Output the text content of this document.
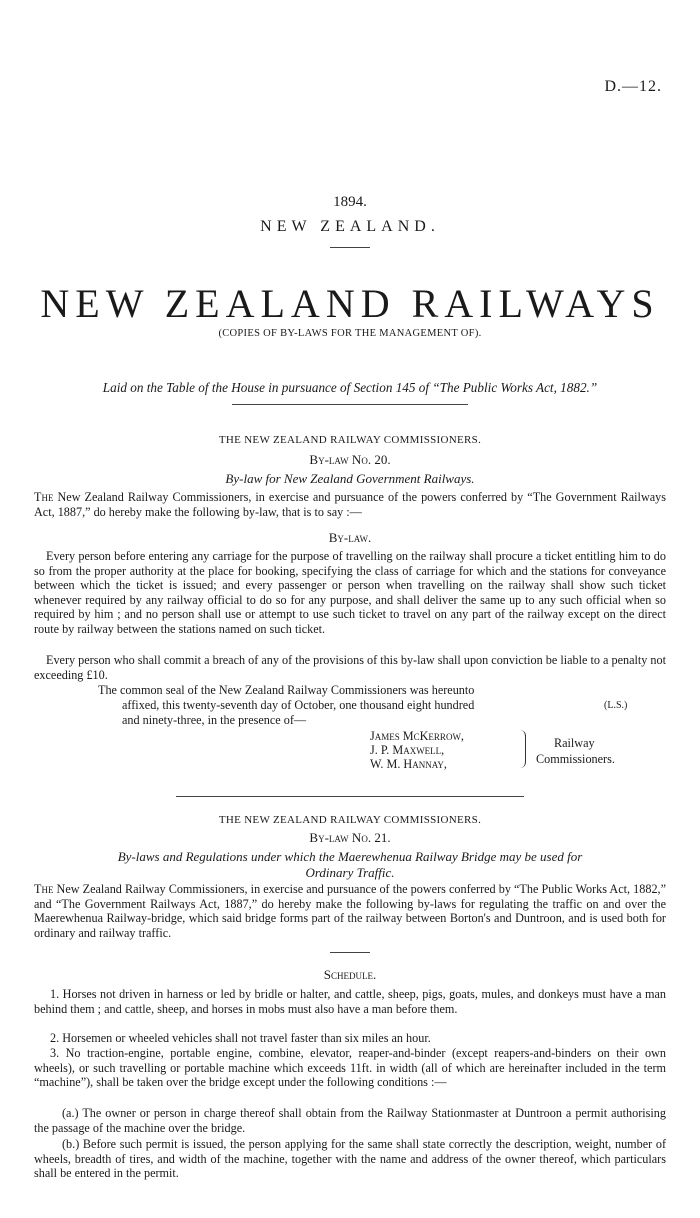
D.—12.
1894.
NEW ZEALAND.
NEW ZEALAND RAILWAYS
(COPIES OF BY-LAWS FOR THE MANAGEMENT OF).
Laid on the Table of the House in pursuance of Section 145 of “The Public Works Act, 1882.”
THE NEW ZEALAND RAILWAY COMMISSIONERS.
By-law No. 20.
By-law for New Zealand Government Railways.

The New Zealand Railway Commissioners, in exercise and pursuance of the powers conferred by “The Government Railways Act, 1887,” do hereby make the following by-law, that is to say :—

By-law.

Every person before entering any carriage for the purpose of travelling on the railway shall procure a ticket entitling him to do so from the proper authority at the place for booking, specifying the class of carriage for which and the stations for conveyance between which the ticket is issued; and every passenger or person when travelling on the railway shall show such ticket whenever required by any railway official to do so for any purpose, and shall deliver the same up to any such official when so required by him ; and no person shall use or attempt to use such ticket to travel on any part of the railway except on the direct route by railway between the stations named on such ticket.

Every person who shall commit a breach of any of the provisions of this by-law shall upon conviction be liable to a penalty not exceeding £10.

The common seal of the New Zealand Railway Commissioners was hereunto
affixed, this twenty-seventh day of October, one thousand eight hundred
and ninety-three, in the presence of—
(L.S.)
James McKerrow,
J. P. Maxwell,
W. M. Hannay,
Railway
Commissioners.
THE NEW ZEALAND RAILWAY COMMISSIONERS.
By-law No. 21.
By-laws and Regulations under which the Maerewhenua Railway Bridge may be used for
Ordinary Traffic.

The New Zealand Railway Commissioners, in exercise and pursuance of the powers conferred by “The Public Works Act, 1882,” and “The Government Railways Act, 1887,” do hereby make the following by-laws for regulating the traffic on and over the Maerewhenua Railway-bridge, which said bridge forms part of the railway between Borton's and Duntroon, and is used both for ordinary and railway traffic.

Schedule.

1. Horses not driven in harness or led by bridle or halter, and cattle, sheep, pigs, goats, mules, and donkeys must have a man behind them ; and cattle, sheep, and horses in mobs must also have a man before them.

2. Horsemen or wheeled vehicles shall not travel faster than six miles an hour.

3. No traction-engine, portable engine, combine, elevator, reaper-and-binder (except reapers-and-binders on their own wheels), or such travelling or portable machine which exceeds 11ft. in width (all of which are hereinafter included in the term “machine”), shall be taken over the bridge except under the following conditions :—

(a.) The owner or person in charge thereof shall obtain from the Railway Stationmaster at Duntroon a permit authorising the passage of the machine over the bridge.

(b.) Before such permit is issued, the person applying for the same shall state correctly the description, weight, number of wheels, breadth of tires, and width of the machine, together with the name and address of the owner thereof, which particulars shall be entered in the permit.
